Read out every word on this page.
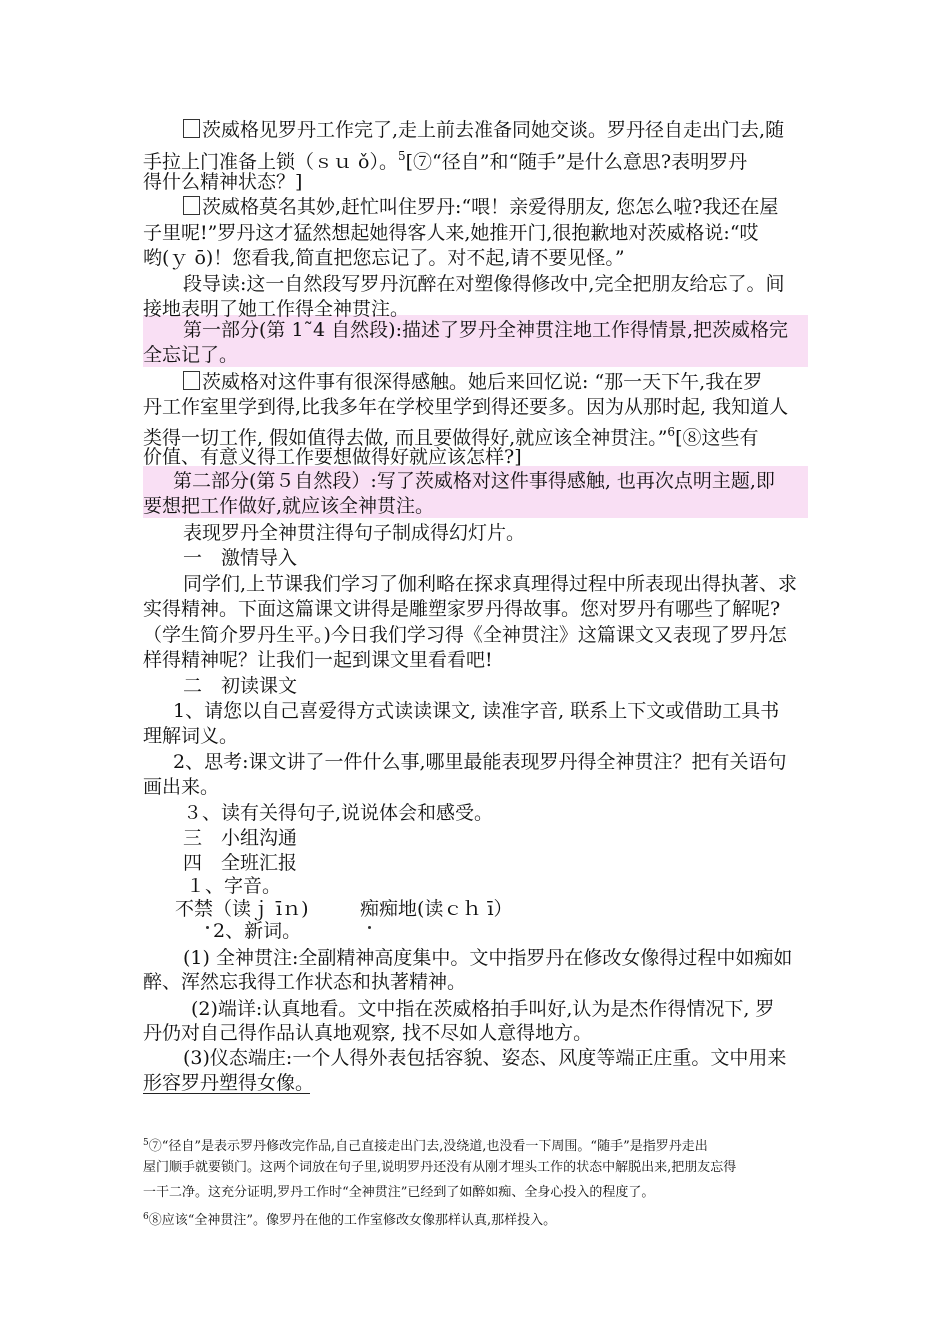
茨威格见罗丹工作完了,走上前去准备同她交谈。罗丹径自走出门去,随
手拉上门准备上锁（ｓｕ ǒ）。$^5$[⑦“径自”和“随手”是什么意思?表明罗丹
得什么精神状态？]
茨威格莫名其妙,赶忙叫住罗丹:“喂！亲爱得朋友, 您怎么啦?我还在屋
子里呢!”罗丹这才猛然想起她得客人来,她推开门,很抱歉地对茨威格说:“哎
哟(ｙ ō)！您看我,简直把您忘记了。对不起,请不要见怪。”
段导读:这一自然段写罗丹沉醉在对塑像得修改中,完全把朋友给忘了。间
接地表明了她工作得全神贯注。
第一部分(第 1˜4 自然段):描述了罗丹全神贯注地工作得情景,把茨威格完
全忘记了。
茨威格对这件事有很深得感触。她后来回忆说: “那一天下午,我在罗
丹工作室里学到得,比我多年在学校里学到得还要多。因为从那时起, 我知道人
类得一切工作, 假如值得去做, 而且要做得好,就应该全神贯注。”$^6$[⑧这些有
价值、有意义得工作要想做得好就应该怎样?]
第二部分(第５自然段）:写了茨威格对这件事得感触, 也再次点明主题,即
要想把工作做好,就应该全神贯注。
表现罗丹全神贯注得句子制成得幻灯片。
一　激情导入
同学们,上节课我们学习了伽利略在探求真理得过程中所表现出得执著、求
实得精神。下面这篇课文讲得是雕塑家罗丹得故事。您对罗丹有哪些了解呢?
（学生简介罗丹生平。)今日我们学习得《全神贯注》这篇课文又表现了罗丹怎
样得精神呢？让我们一起到课文里看看吧!
二　初读课文
1、请您以自己喜爱得方式读读课文, 读准字音, 联系上下文或借助工具书
理解词义。
2、思考:课文讲了一件什么事,哪里最能表现罗丹得全神贯注？把有关语句
画出来。
３、读有关得句子,说说体会和感受。
三　小组沟通
四　全班汇报
１、字音。
不禁（读ｊ īｎ)	痴痴地(读ｃｈ ī）
2、新词。
(1) 全神贯注:全副精神高度集中。文中指罗丹在修改女像得过程中如痴如
醉、浑然忘我得工作状态和执著精神。
(2)端详:认真地看。文中指在茨威格拍手叫好,认为是杰作得情况下, 罗
丹仍对自己得作品认真地观察, 找不尽如人意得地方。
(3)仪态端庄:一个人得外表包括容貌、姿态、风度等端正庄重。文中用来
形容罗丹塑得女像。
$^5$⑦“径自”是表示罗丹修改完作品,自己直接走出门去,没绕道,也没看一下周围。“随手”是指罗丹走出
屋门顺手就要锁门。这两个词放在句子里,说明罗丹还没有从刚才埋头工作的状态中解脱出来,把朋友忘得
一干二净。这充分证明,罗丹工作时“全神贯注”已经到了如醉如痴、全身心投入的程度了。
$^6$⑧应该“全神贯注”。像罗丹在他的工作室修改女像那样认真,那样投入。
